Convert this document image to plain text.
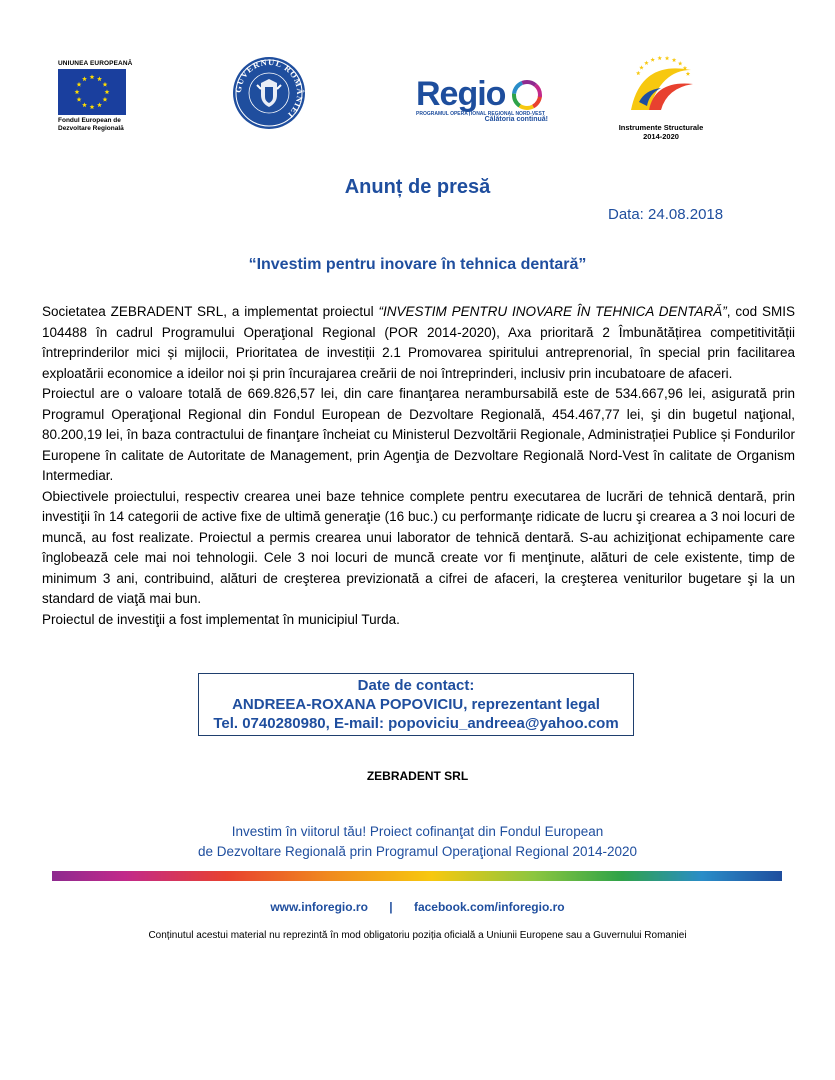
UNIUNEA EUROPEANĂ
Fondul European de
Dezvoltare Regională
GUVERNUL ROMÂNIEI
Regio
PROGRAMUL OPERAȚIONAL REGIONAL NORD-VEST
Călătoria continuă!
Instrumente Structurale
2014-2020
Anunț de presă
Data: 24.08.2018
“Investim pentru inovare în tehnica dentară”

Societatea ZEBRADENT SRL, a implementat proiectul “INVESTIM PENTRU INOVARE ÎN TEHNICA DENTARĂ”, cod SMIS 104488 în cadrul Programului Operaţional Regional (POR 2014-2020), Axa prioritară 2 Îmbunătățirea competitivității întreprinderilor mici și mijlocii, Prioritatea de investiții 2.1 Promovarea spiritului antreprenorial, în special prin facilitarea exploatării economice a ideilor noi și prin încurajarea creării de noi întreprinderi, inclusiv prin incubatoare de afaceri.

Proiectul are o valoare totală de 669.826,57 lei, din care finanţarea nerambursabilă este de 534.667,96 lei, asigurată prin Programul Operaţional Regional din Fondul European de Dezvoltare Regională, 454.467,77 lei, şi din bugetul naţional, 80.200,19 lei, în baza contractului de finanţare încheiat cu Ministerul Dezvoltării Regionale, Administrației Publice și Fondurilor Europene în calitate de Autoritate de Management, prin Agenţia de Dezvoltare Regională Nord-Vest în calitate de Organism Intermediar.

Obiectivele proiectului, respectiv crearea unei baze tehnice complete pentru executarea de lucrări de tehnică dentară, prin investiţii în 14 categorii de active fixe de ultimă generaţie (16 buc.) cu performanţe ridicate de lucru şi crearea a 3 noi locuri de muncă, au fost realizate. Proiectul a permis crearea unui laborator de tehnică dentară. S-au achiziţionat echipamente care înglobează cele mai noi tehnologii. Cele 3 noi locuri de muncă create vor fi menţinute, alături de cele existente, timp de minimum 3 ani, contribuind, alături de creşterea previzionată a cifrei de afaceri, la creşterea veniturilor bugetare şi la un standard de viaţă mai bun.

Proiectul de investiţii a fost implementat în municipiul Turda.

Date de contact:
ANDREEA-ROXANA POPOVICIU, reprezentant legal
Tel. 0740280980, E-mail: popoviciu_andreea@yahoo.com
ZEBRADENT SRL
Investim în viitorul tău! Proiect cofinanţat din Fondul European
de Dezvoltare Regională prin Programul Operaţional Regional 2014-2020
www.inforegio.ro | facebook.com/inforegio.ro
Conținutul acestui material nu reprezintă în mod obligatoriu poziția oficială a Uniunii Europene sau a Guvernului Romaniei
